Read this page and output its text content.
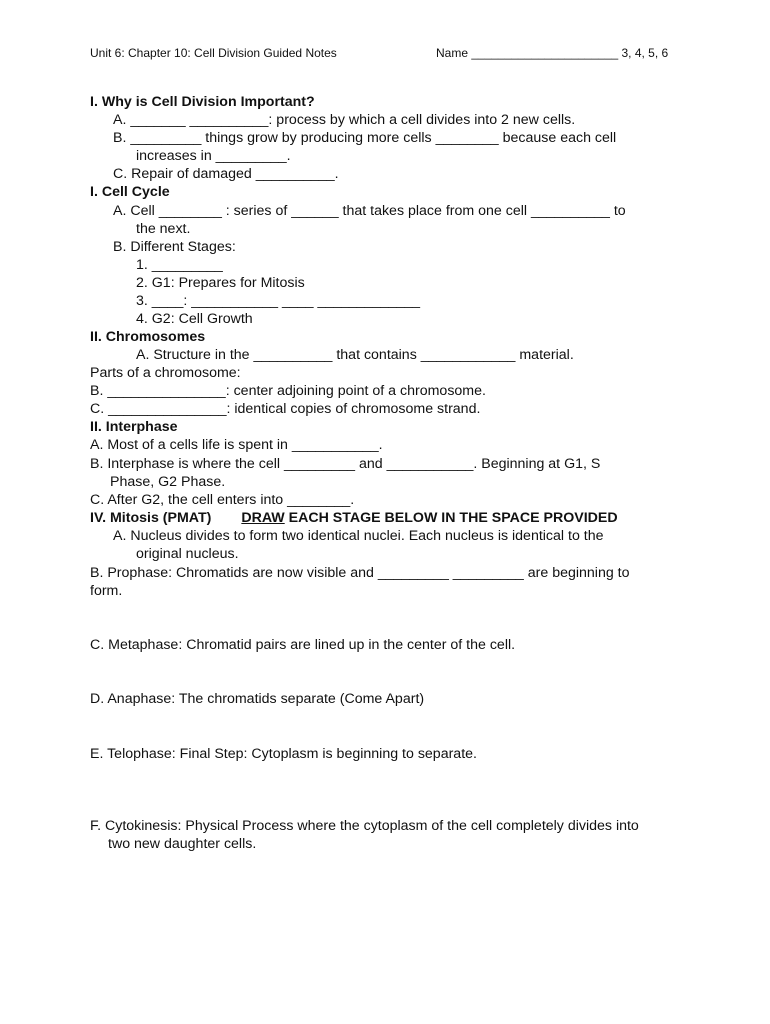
Unit 6: Chapter 10: Cell Division Guided Notes	Name ______________________ 3, 4, 5, 6
I. Why is Cell Division Important?
A. _______ __________: process by which a cell divides into 2 new cells.
B. _________ things grow by producing more cells ________ because each cell
increases in _________.
C. Repair of damaged __________.
I. Cell Cycle
A. Cell ________ : series of ______ that takes place from one cell __________ to
the next.
B. Different Stages:
1. _________
2. G1: Prepares for Mitosis
3. ____: ___________ ____ _____________
4. G2: Cell Growth
II. Chromosomes
A. Structure in the __________ that contains ____________ material.
Parts of a chromosome:
B. _______________: center adjoining point of a chromosome.
C. _______________: identical copies of chromosome strand.
II. Interphase
A. Most of a cells life is spent in ___________.
B. Interphase is where the cell _________ and ___________. Beginning at G1, S
Phase, G2 Phase.
C. After G2, the cell enters into ________.
IV. Mitosis (PMAT) DRAW EACH STAGE BELOW IN THE SPACE PROVIDED
A. Nucleus divides to form two identical nuclei. Each nucleus is identical to the
original nucleus.
B. Prophase: Chromatids are now visible and _________ _________ are beginning to
form.
C. Metaphase: Chromatid pairs are lined up in the center of the cell.
D. Anaphase: The chromatids separate (Come Apart)
E. Telophase: Final Step: Cytoplasm is beginning to separate.
F. Cytokinesis: Physical Process where the cytoplasm of the cell completely divides into
two new daughter cells.
